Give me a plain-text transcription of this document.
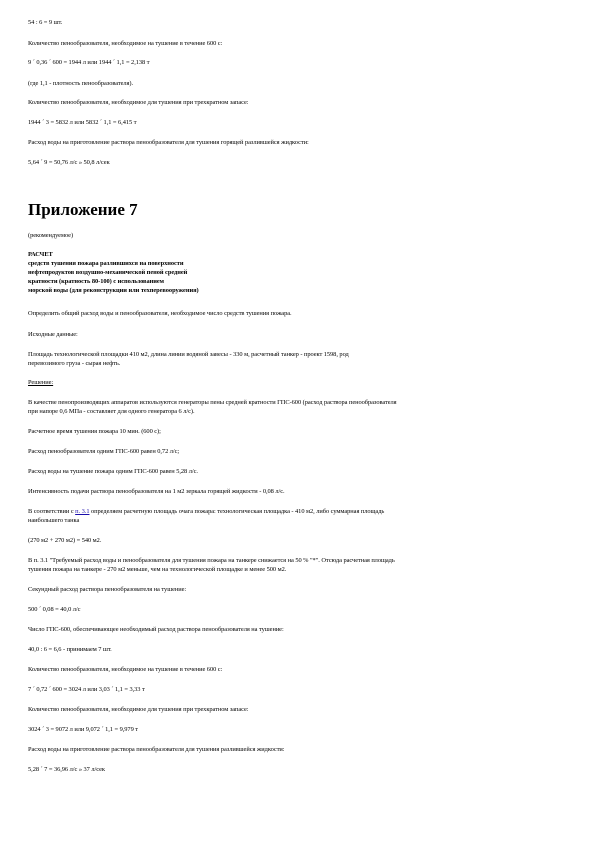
54 : 6 = 9 шт.

Количество пенообразователя, необходимое на тушение в течение 600 с:

9 ´ 0,36 ´ 600 = 1944 л или 1944 ´ 1,1 = 2,138 т

(где 1,1 - плотность пенообразователя).

Количество пенообразователя, необходимое для тушения при трехкратном запасе:

1944 ´ 3 = 5832 л или 5832 ´ 1,1 = 6,415 т

Расход воды на приготовление раствора пенообразователя для тушения горящей разлившейся жидкости:

5,64 ´ 9 = 50,76 л/с » 50,8 л/сек

Приложение 7

(рекомендуемое)

РАСЧЕТ

средств тушения пожара разлившихся на поверхности

нефтепродуктов воздушно-механической пеной средней

кратности (кратность 80-100) с использованием

морской воды (для реконструкции или техперевооружения)

Определить общий расход воды и пенообразователя, необходимое число средств тушения пожара.

Исходные данные:

Площадь технологической площадки 410 м2, длина линии водяной завесы - 330 м, расчетный танкер - проект 1598, род

перевозимого груза - сырая нефть.

Решение:

В качестве пенопроизводящих аппаратов используются генераторы пены средней кратности ГПС-600 (расход раствора пенообразователя

при напоре 0,6 МПа - составляет для одного генератора 6 л/с).

Расчетное время тушения пожара 10 мин. (600 с);

Расход пенообразователя одним ГПС-600 равен 0,72 л/с;

Расход воды на тушение пожара одним ГПС-600 равен 5,28 л/с.

Интенсивность подачи раствора пенообразователя на 1 м2 зеркала горящей жидкости - 0,08 л/с.

В соответствии с п. 3.1 определяем расчетную площадь очага пожара: технологическая площадка - 410 м2, либо суммарная площадь

наибольшего танка

(270 м2 + 270 м2) = 540 м2.

В п. 3.1 "Требуемый расход воды и пенообразователя для тушения пожара на танкере снижается на 50 % "*". Отсюда расчетная площадь

тушения пожара на танкере - 270 м2 меньше, чем на технологической площадке и менее 500 м2.

Секундный расход раствора пенообразователя на тушение:

500 ´ 0,08 = 40,0 л/с

Число ГПС-600, обеспечивающее необходимый расход раствора пенообразователя на тушение:

40,0 : 6 = 6,6 - принимаем 7 шт.

Количество пенообразователя, необходимое на тушение в течение 600 с:

7 ´ 0,72 ´ 600 = 3024 л или 3,03 ´ 1,1 = 3,33 т

Количество пенообразователя, необходимое для тушения при трехкратном запасе:

3024 ´ 3 = 9072 л или 9,072 ´ 1,1 = 9,979 т

Расход воды на приготовление раствора пенообразователя для тушения разлившейся жидкости:

5,28 ´ 7 = 36,96 л/с » 37 л/сек
